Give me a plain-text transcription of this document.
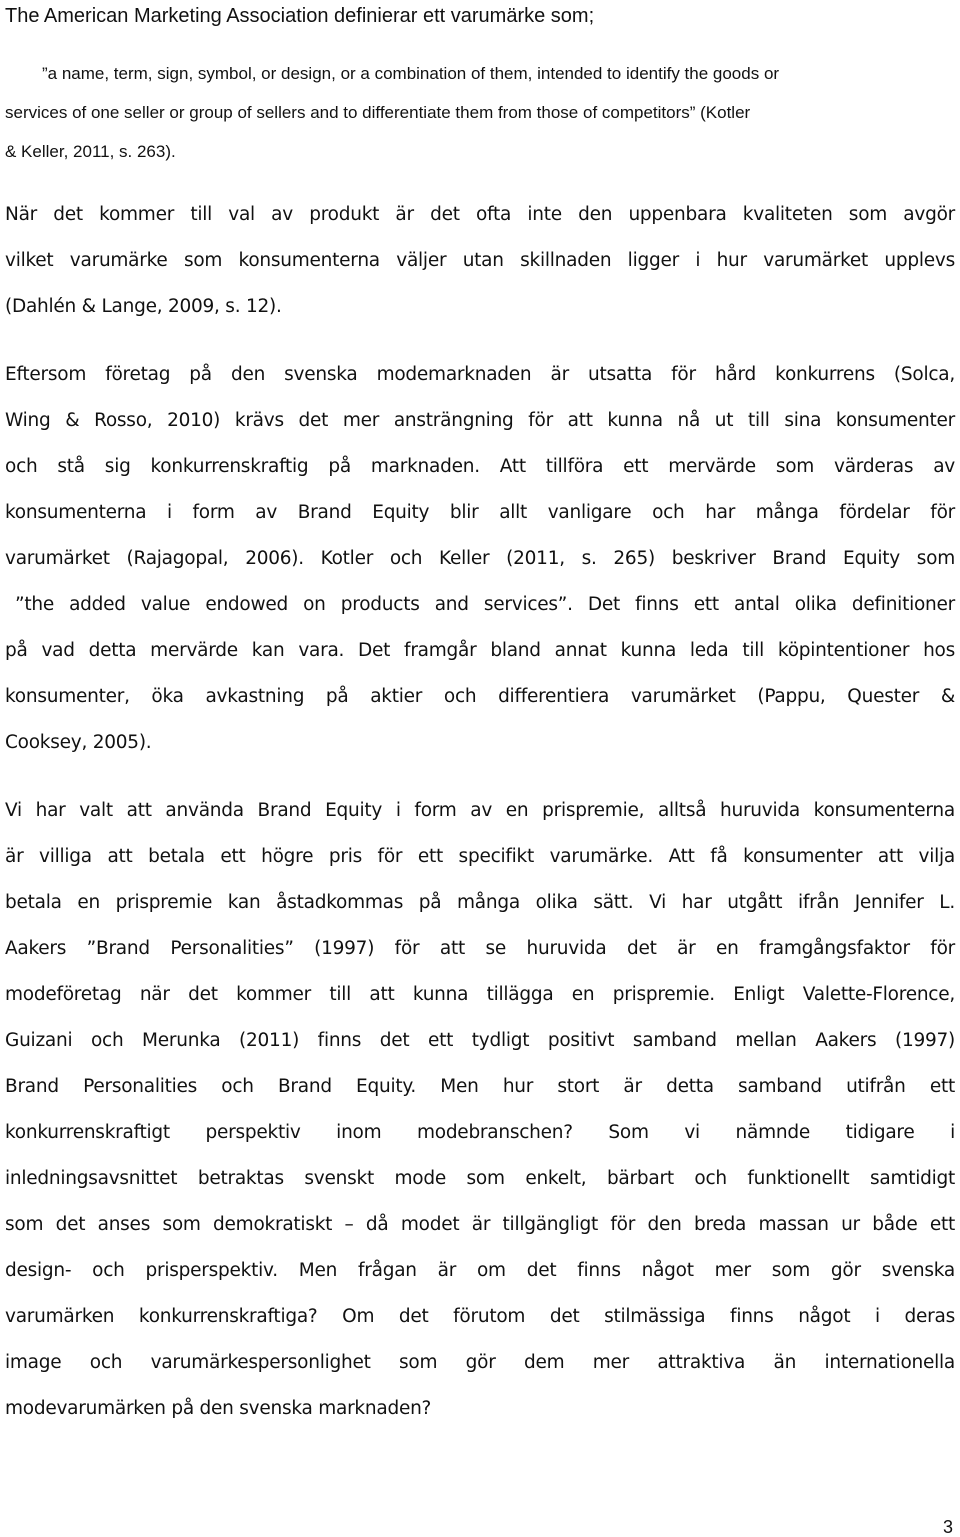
The American Marketing Association definierar ett varumärke som;
”a name, term, sign, symbol, or design, or a combination of them, intended to identify the goods or
services of one seller or group of sellers and to differentiate them from those of competitors” (Kotler
& Keller, 2011, s. 263).
När det kommer till val av produkt är det ofta inte den uppenbara kvaliteten som avgör
vilket varumärke som konsumenterna väljer utan skillnaden ligger i hur varumärket upplevs
(Dahlén & Lange, 2009, s. 12).
Eftersom företag på den svenska modemarknaden är utsatta för hård konkurrens (Solca,
Wing & Rosso, 2010) krävs det mer ansträngning för att kunna nå ut till sina konsumenter
och stå sig konkurrenskraftig på marknaden. Att tillföra ett mervärde som värderas av
konsumenterna i form av Brand Equity blir allt vanligare och har många fördelar för
varumärket (Rajagopal, 2006). Kotler och Keller (2011, s. 265) beskriver Brand Equity som
”the added value endowed on products and services”. Det finns ett antal olika definitioner
på vad detta mervärde kan vara. Det framgår bland annat kunna leda till köpintentioner hos
konsumenter, öka avkastning på aktier och differentiera varumärket (Pappu, Quester &
Cooksey, 2005).
Vi har valt att använda Brand Equity i form av en prispremie, alltså huruvida konsumenterna
är villiga att betala ett högre pris för ett specifikt varumärke. Att få konsumenter att vilja
betala en prispremie kan åstadkommas på många olika sätt. Vi har utgått ifrån Jennifer L.
Aakers ”Brand Personalities” (1997) för att se huruvida det är en framgångsfaktor för
modeföretag när det kommer till att kunna tillägga en prispremie. Enligt Valette-Florence,
Guizani och Merunka (2011) finns det ett tydligt positivt samband mellan Aakers (1997)
Brand Personalities och Brand Equity. Men hur stort är detta samband utifrån ett
konkurrenskraftigt perspektiv inom modebranschen? Som vi nämnde tidigare i
inledningsavsnittet betraktas svenskt mode som enkelt, bärbart och funktionellt samtidigt
som det anses som demokratiskt – då modet är tillgängligt för den breda massan ur både ett
design- och prisperspektiv. Men frågan är om det finns något mer som gör svenska
varumärken konkurrenskraftiga? Om det förutom det stilmässiga finns något i deras
image och varumärkespersonlighet som gör dem mer attraktiva än internationella
modevarumärken på den svenska marknaden?
3
